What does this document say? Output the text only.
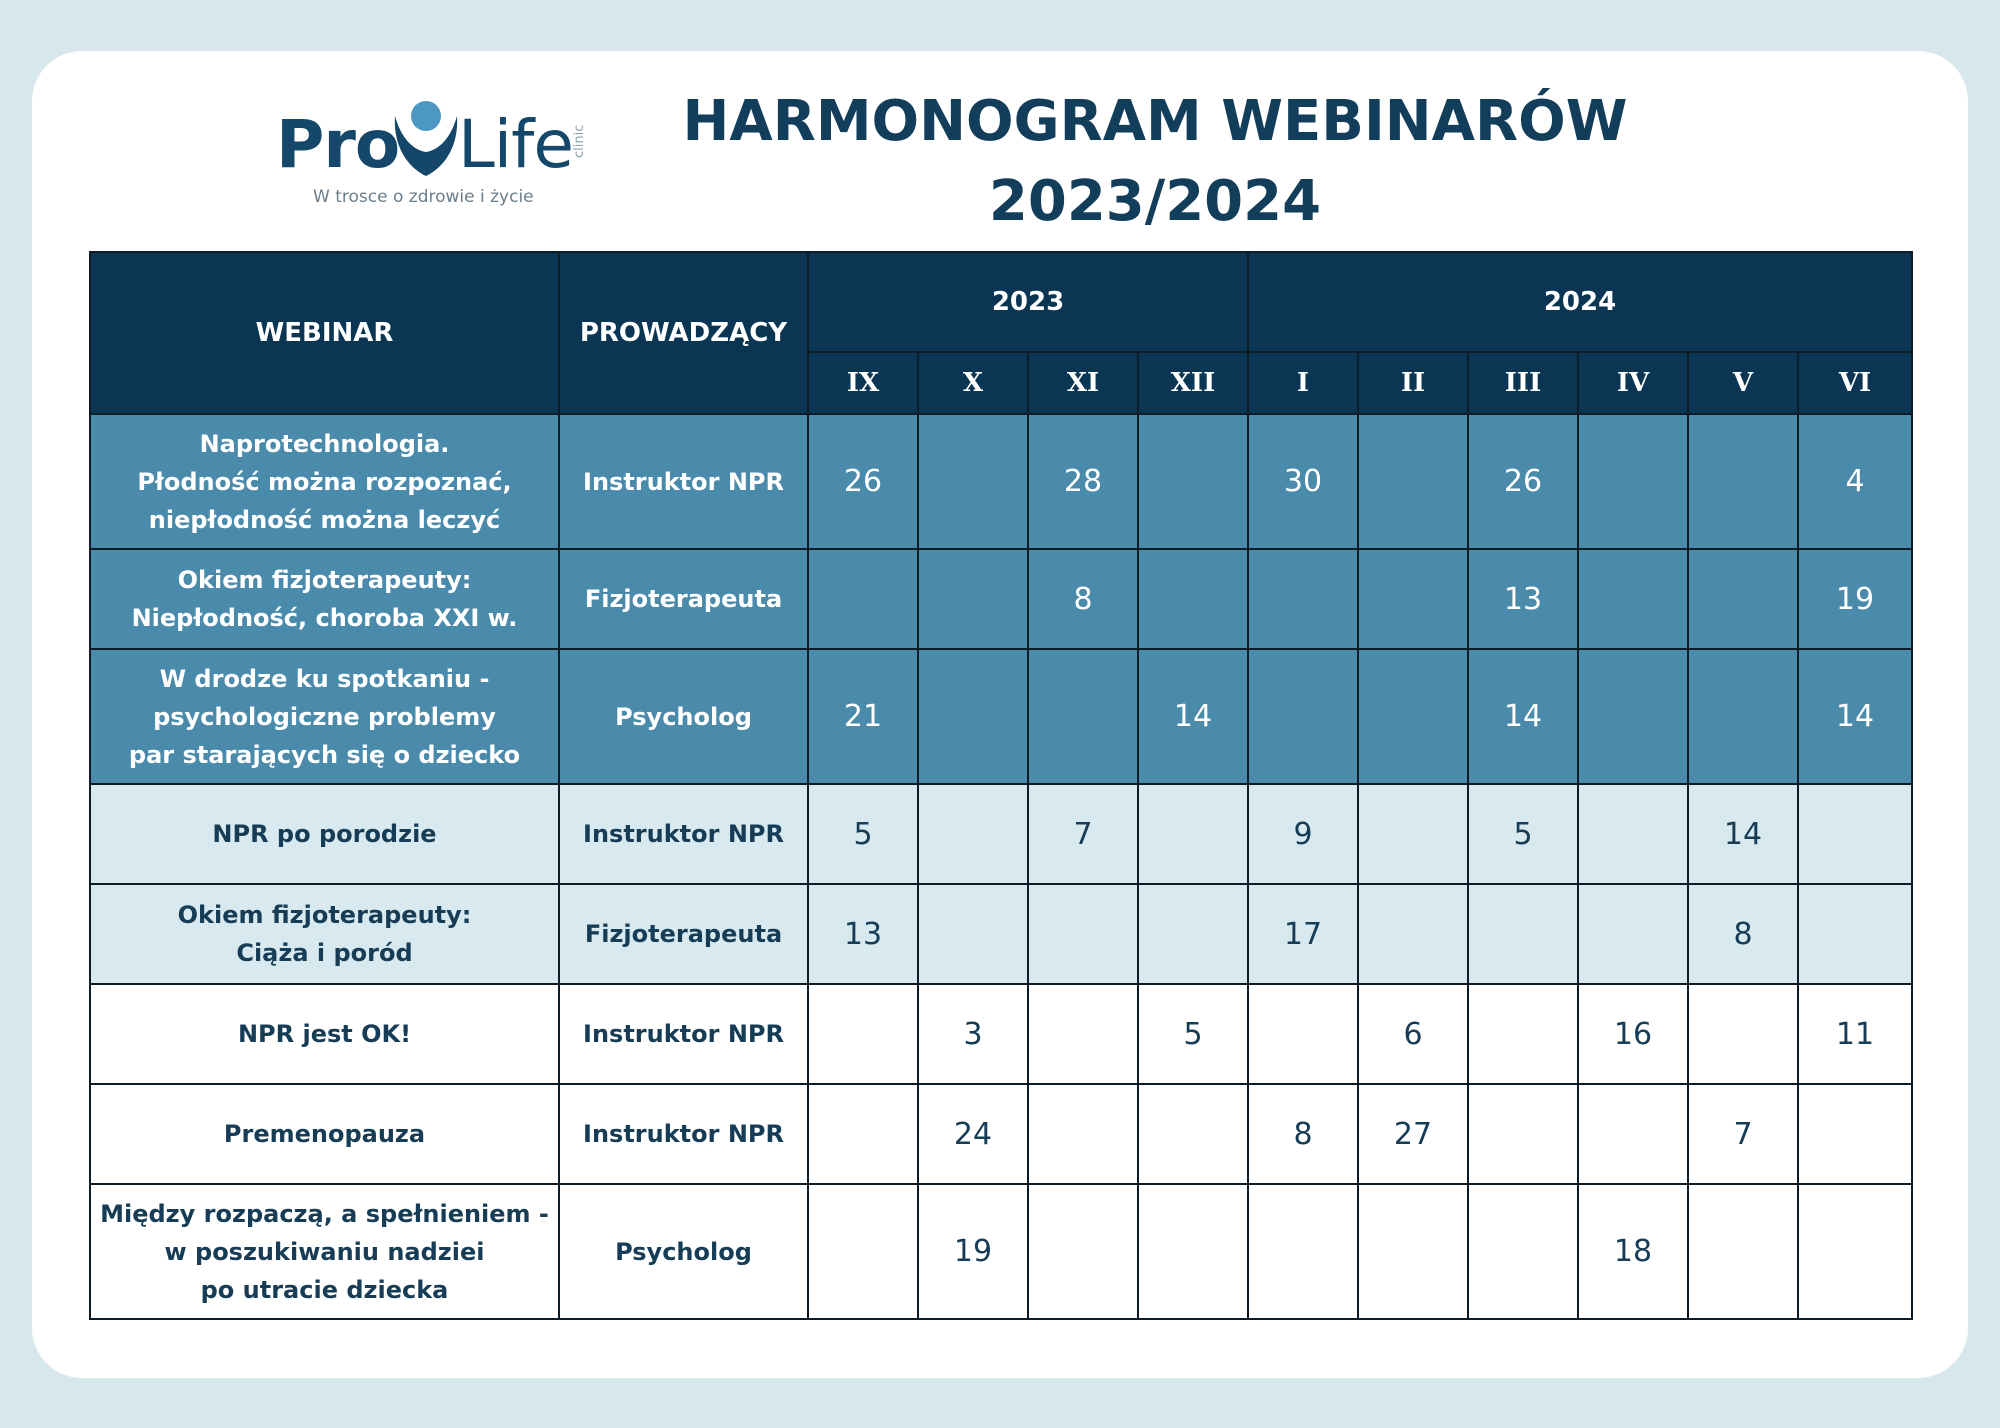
Pro Life clinic
W trosce o zdrowie i życie
HARMONOGRAM WEBINARÓW
2023/2024
WEBINAR	PROWADZĄCY	2023				2024					
		IX	X	XI	XII	I	II	III	IV	V	VI

Naprotechnologia.
Płodność można rozpoznać,
niepłodność można leczyć	Instruktor NPR	26		28		30		26			4

Okiem fizjoterapeuty:
Niepłodność, choroba XXI w.	Fizjoterapeuta			8				13			19

W drodze ku spotkaniu -
psychologiczne problemy
par starających się o dziecko	Psycholog	21			14			14			14

NPR po porodzie	Instruktor NPR	5		7		9		5		14	

Okiem fizjoterapeuty:
Ciąża i poród	Fizjoterapeuta	13				17				8	

NPR jest OK!	Instruktor NPR		3		5		6		16		11

Premenopauza	Instruktor NPR		24			8	27			7	

Między rozpaczą, a spełnieniem -
w poszukiwaniu nadziei
po utracie dziecka	Psycholog		19						18		
